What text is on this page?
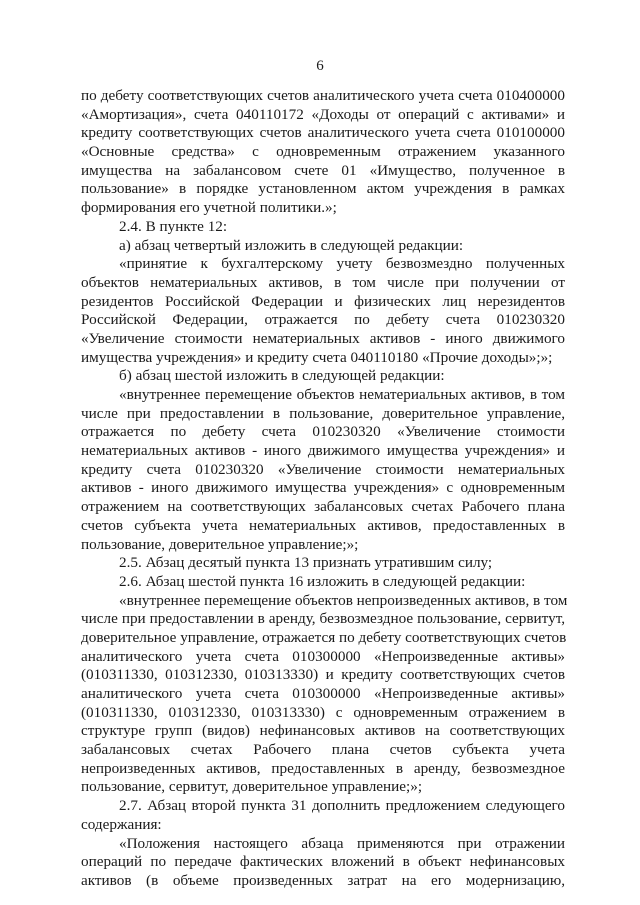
6
по дебету соответствующих счетов аналитического учета счета 010400000
«Амортизация», счета 040110172 «Доходы от операций с активами» и
кредиту соответствующих счетов аналитического учета счета 010100000
«Основные средства» с одновременным отражением указанного
имущества на забалансовом счете 01 «Имущество, полученное в
пользование» в порядке установленном актом учреждения в рамках
формирования его учетной политики.»;
2.4. В пункте 12:
а) абзац четвертый изложить в следующей редакции:
«принятие к бухгалтерскому учету безвозмездно полученных
объектов нематериальных активов, в том числе при получении от
резидентов Российской Федерации и физических лиц нерезидентов
Российской Федерации, отражается по дебету счета 010230320
«Увеличение стоимости нематериальных активов - иного движимого
имущества учреждения» и кредиту счета 040110180 «Прочие доходы»;»;
б) абзац шестой изложить в следующей редакции:
«внутреннее перемещение объектов нематериальных активов, в том
числе при предоставлении в пользование, доверительное управление,
отражается по дебету счета 010230320 «Увеличение стоимости
нематериальных активов - иного движимого имущества учреждения» и
кредиту счета 010230320 «Увеличение стоимости нематериальных
активов - иного движимого имущества учреждения» с одновременным
отражением на соответствующих забалансовых счетах Рабочего плана
счетов субъекта учета нематериальных активов, предоставленных в
пользование, доверительное управление;»;
2.5. Абзац десятый пункта 13 признать утратившим силу;
2.6. Абзац шестой пункта 16 изложить в следующей редакции:
«внутреннее перемещение объектов непроизведенных активов, в том
числе при предоставлении в аренду, безвозмездное пользование, сервитут,
доверительное управление, отражается по дебету соответствующих счетов
аналитического учета счета 010300000 «Непроизведенные активы»
(010311330, 010312330, 010313330) и кредиту соответствующих счетов
аналитического учета счета 010300000 «Непроизведенные активы»
(010311330, 010312330, 010313330) с одновременным отражением в
структуре групп (видов) нефинансовых активов на соответствующих
забалансовых счетах Рабочего плана счетов субъекта учета
непроизведенных активов, предоставленных в аренду, безвозмездное
пользование, сервитут, доверительное управление;»;
2.7. Абзац второй пункта 31 дополнить предложением следующего
содержания:
«Положения настоящего абзаца применяются при отражении
операций по передаче фактических вложений в объект нефинансовых
активов (в объеме произведенных затрат на его модернизацию,
